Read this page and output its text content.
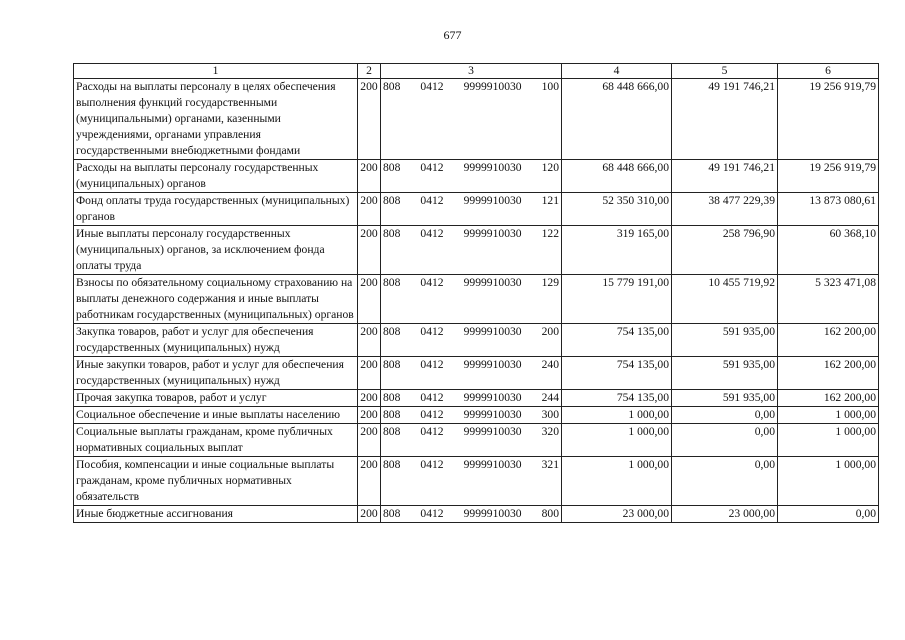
677
1	2	3	4	5	6
Расходы на выплаты персоналу в целях обеспечения выполнения функций государственными (муниципальными) органами, казенными учреждениями, органами управления государственными внебюджетными фондами	200	808 0412 9999910030 100	68 448 666,00	49 191 746,21	19 256 919,79
Расходы на выплаты персоналу государственных (муниципальных) органов	200	808 0412 9999910030 120	68 448 666,00	49 191 746,21	19 256 919,79
Фонд оплаты труда государственных (муниципальных) органов	200	808 0412 9999910030 121	52 350 310,00	38 477 229,39	13 873 080,61
Иные выплаты персоналу государственных (муниципальных) органов, за исключением фонда оплаты труда	200	808 0412 9999910030 122	319 165,00	258 796,90	60 368,10
Взносы по обязательному социальному страхованию на выплаты денежного содержания и иные выплаты работникам государственных (муниципальных) органов	200	808 0412 9999910030 129	15 779 191,00	10 455 719,92	5 323 471,08
Закупка товаров, работ и услуг для обеспечения государственных (муниципальных) нужд	200	808 0412 9999910030 200	754 135,00	591 935,00	162 200,00
Иные закупки товаров, работ и услуг для обеспечения государственных (муниципальных) нужд	200	808 0412 9999910030 240	754 135,00	591 935,00	162 200,00
Прочая закупка товаров, работ и услуг	200	808 0412 9999910030 244	754 135,00	591 935,00	162 200,00
Социальное обеспечение и иные выплаты населению	200	808 0412 9999910030 300	1 000,00	0,00	1 000,00
Социальные выплаты гражданам, кроме публичных нормативных социальных выплат	200	808 0412 9999910030 320	1 000,00	0,00	1 000,00
Пособия, компенсации и иные социальные выплаты гражданам, кроме публичных нормативных обязательств	200	808 0412 9999910030 321	1 000,00	0,00	1 000,00
Иные бюджетные ассигнования	200	808 0412 9999910030 800	23 000,00	23 000,00	0,00
